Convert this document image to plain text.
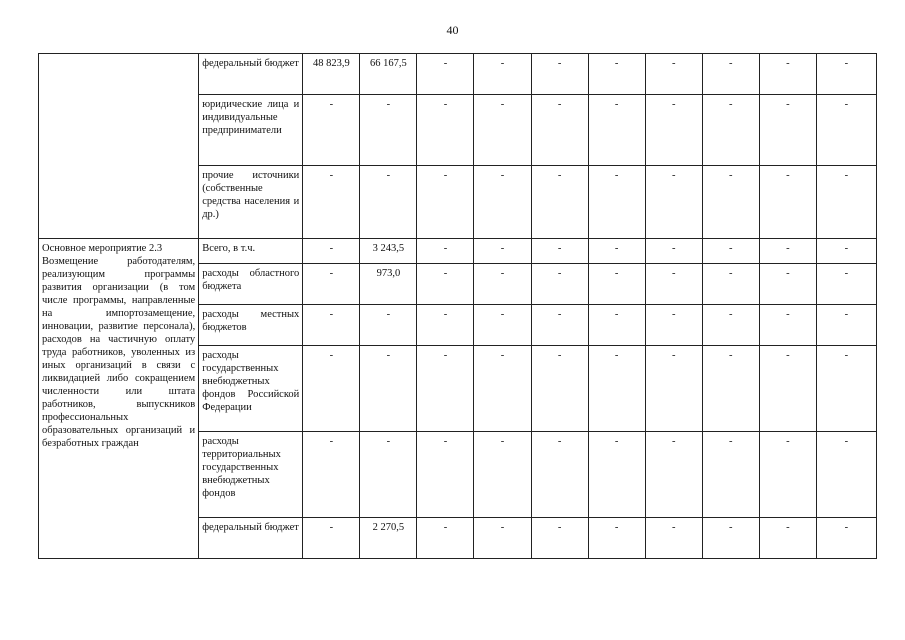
40
	федеральный бюджет	48 823,9	66 167,5	-	-	-	-	-	-	-	-
	юридические лица и индивидуальные предприниматели	-	-	-	-	-	-	-	-	-	-
	прочие источники (собственные средства населения и др.)	-	-	-	-	-	-	-	-	-	-

Основное мероприятие 2.3
Возмещение работодателям, реализующим программы развития организации (в том числе программы, направленные на импортозамещение, инновации, развитие персонала), расходов на частичную оплату труда работников, уволенных из иных организаций в связи с ликвидацией либо сокращением численности или штата работников, выпускников профессиональных образовательных организаций и безработных граждан	Всего, в т.ч.	-	3 243,5	-	-	-	-	-	-	-	-
	расходы областного бюджета	-	973,0	-	-	-	-	-	-	-	-
	расходы местных бюджетов	-	-	-	-	-	-	-	-	-	-
	расходы государственных внебюджетных фондов Российской Федерации	-	-	-	-	-	-	-	-	-	-
	расходы территориальных государственных внебюджетных фондов	-	-	-	-	-	-	-	-	-	-
	федеральный бюджет	-	2 270,5	-	-	-	-	-	-	-	-
